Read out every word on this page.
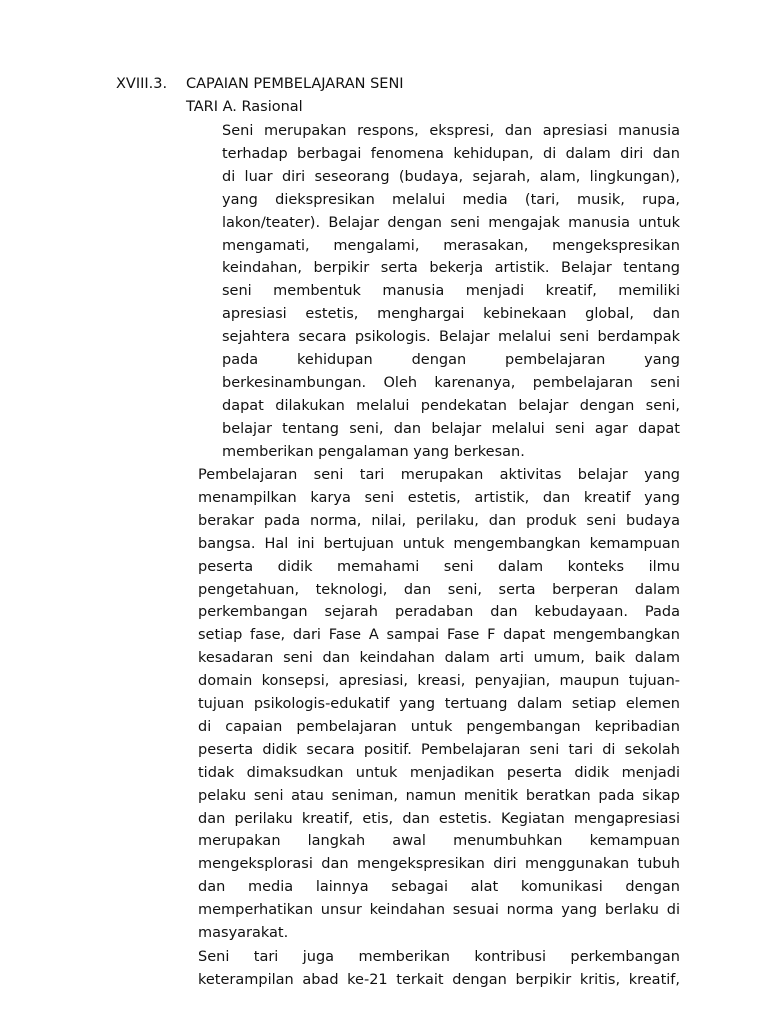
XVIII.3. CAPAIAN PEMBELAJARAN SENI
TARI A. Rasional
Seni merupakan respons, ekspresi, dan apresiasi manusia
terhadap berbagai fenomena kehidupan, di dalam diri dan
di luar diri seseorang (budaya, sejarah, alam, lingkungan),
yang diekspresikan melalui media (tari, musik, rupa,
lakon/teater). Belajar dengan seni mengajak manusia untuk
mengamati, mengalami, merasakan, mengekspresikan
keindahan, berpikir serta bekerja artistik. Belajar tentang
seni membentuk manusia menjadi kreatif, memiliki
apresiasi estetis, menghargai kebinekaan global, dan
sejahtera secara psikologis. Belajar melalui seni berdampak
pada kehidupan dengan pembelajaran yang
berkesinambungan. Oleh karenanya, pembelajaran seni
dapat dilakukan melalui pendekatan belajar dengan seni,
belajar tentang seni, dan belajar melalui seni agar dapat
memberikan pengalaman yang berkesan.
Pembelajaran seni tari merupakan aktivitas belajar yang
menampilkan karya seni estetis, artistik, dan kreatif yang
berakar pada norma, nilai, perilaku, dan produk seni budaya
bangsa. Hal ini bertujuan untuk mengembangkan kemampuan
peserta didik memahami seni dalam konteks ilmu
pengetahuan, teknologi, dan seni, serta berperan dalam
perkembangan sejarah peradaban dan kebudayaan. Pada
setiap fase, dari Fase A sampai Fase F dapat mengembangkan
kesadaran seni dan keindahan dalam arti umum, baik dalam
domain konsepsi, apresiasi, kreasi, penyajian, maupun tujuan-
tujuan psikologis-edukatif yang tertuang dalam setiap elemen
di capaian pembelajaran untuk pengembangan kepribadian
peserta didik secara positif. Pembelajaran seni tari di sekolah
tidak dimaksudkan untuk menjadikan peserta didik menjadi
pelaku seni atau seniman, namun menitik beratkan pada sikap
dan perilaku kreatif, etis, dan estetis. Kegiatan mengapresiasi
merupakan langkah awal menumbuhkan kemampuan
mengeksplorasi dan mengekspresikan diri menggunakan tubuh
dan media lainnya sebagai alat komunikasi dengan
memperhatikan unsur keindahan sesuai norma yang berlaku di
masyarakat.
Seni tari juga memberikan kontribusi perkembangan
keterampilan abad ke-21 terkait dengan berpikir kritis, kreatif,
